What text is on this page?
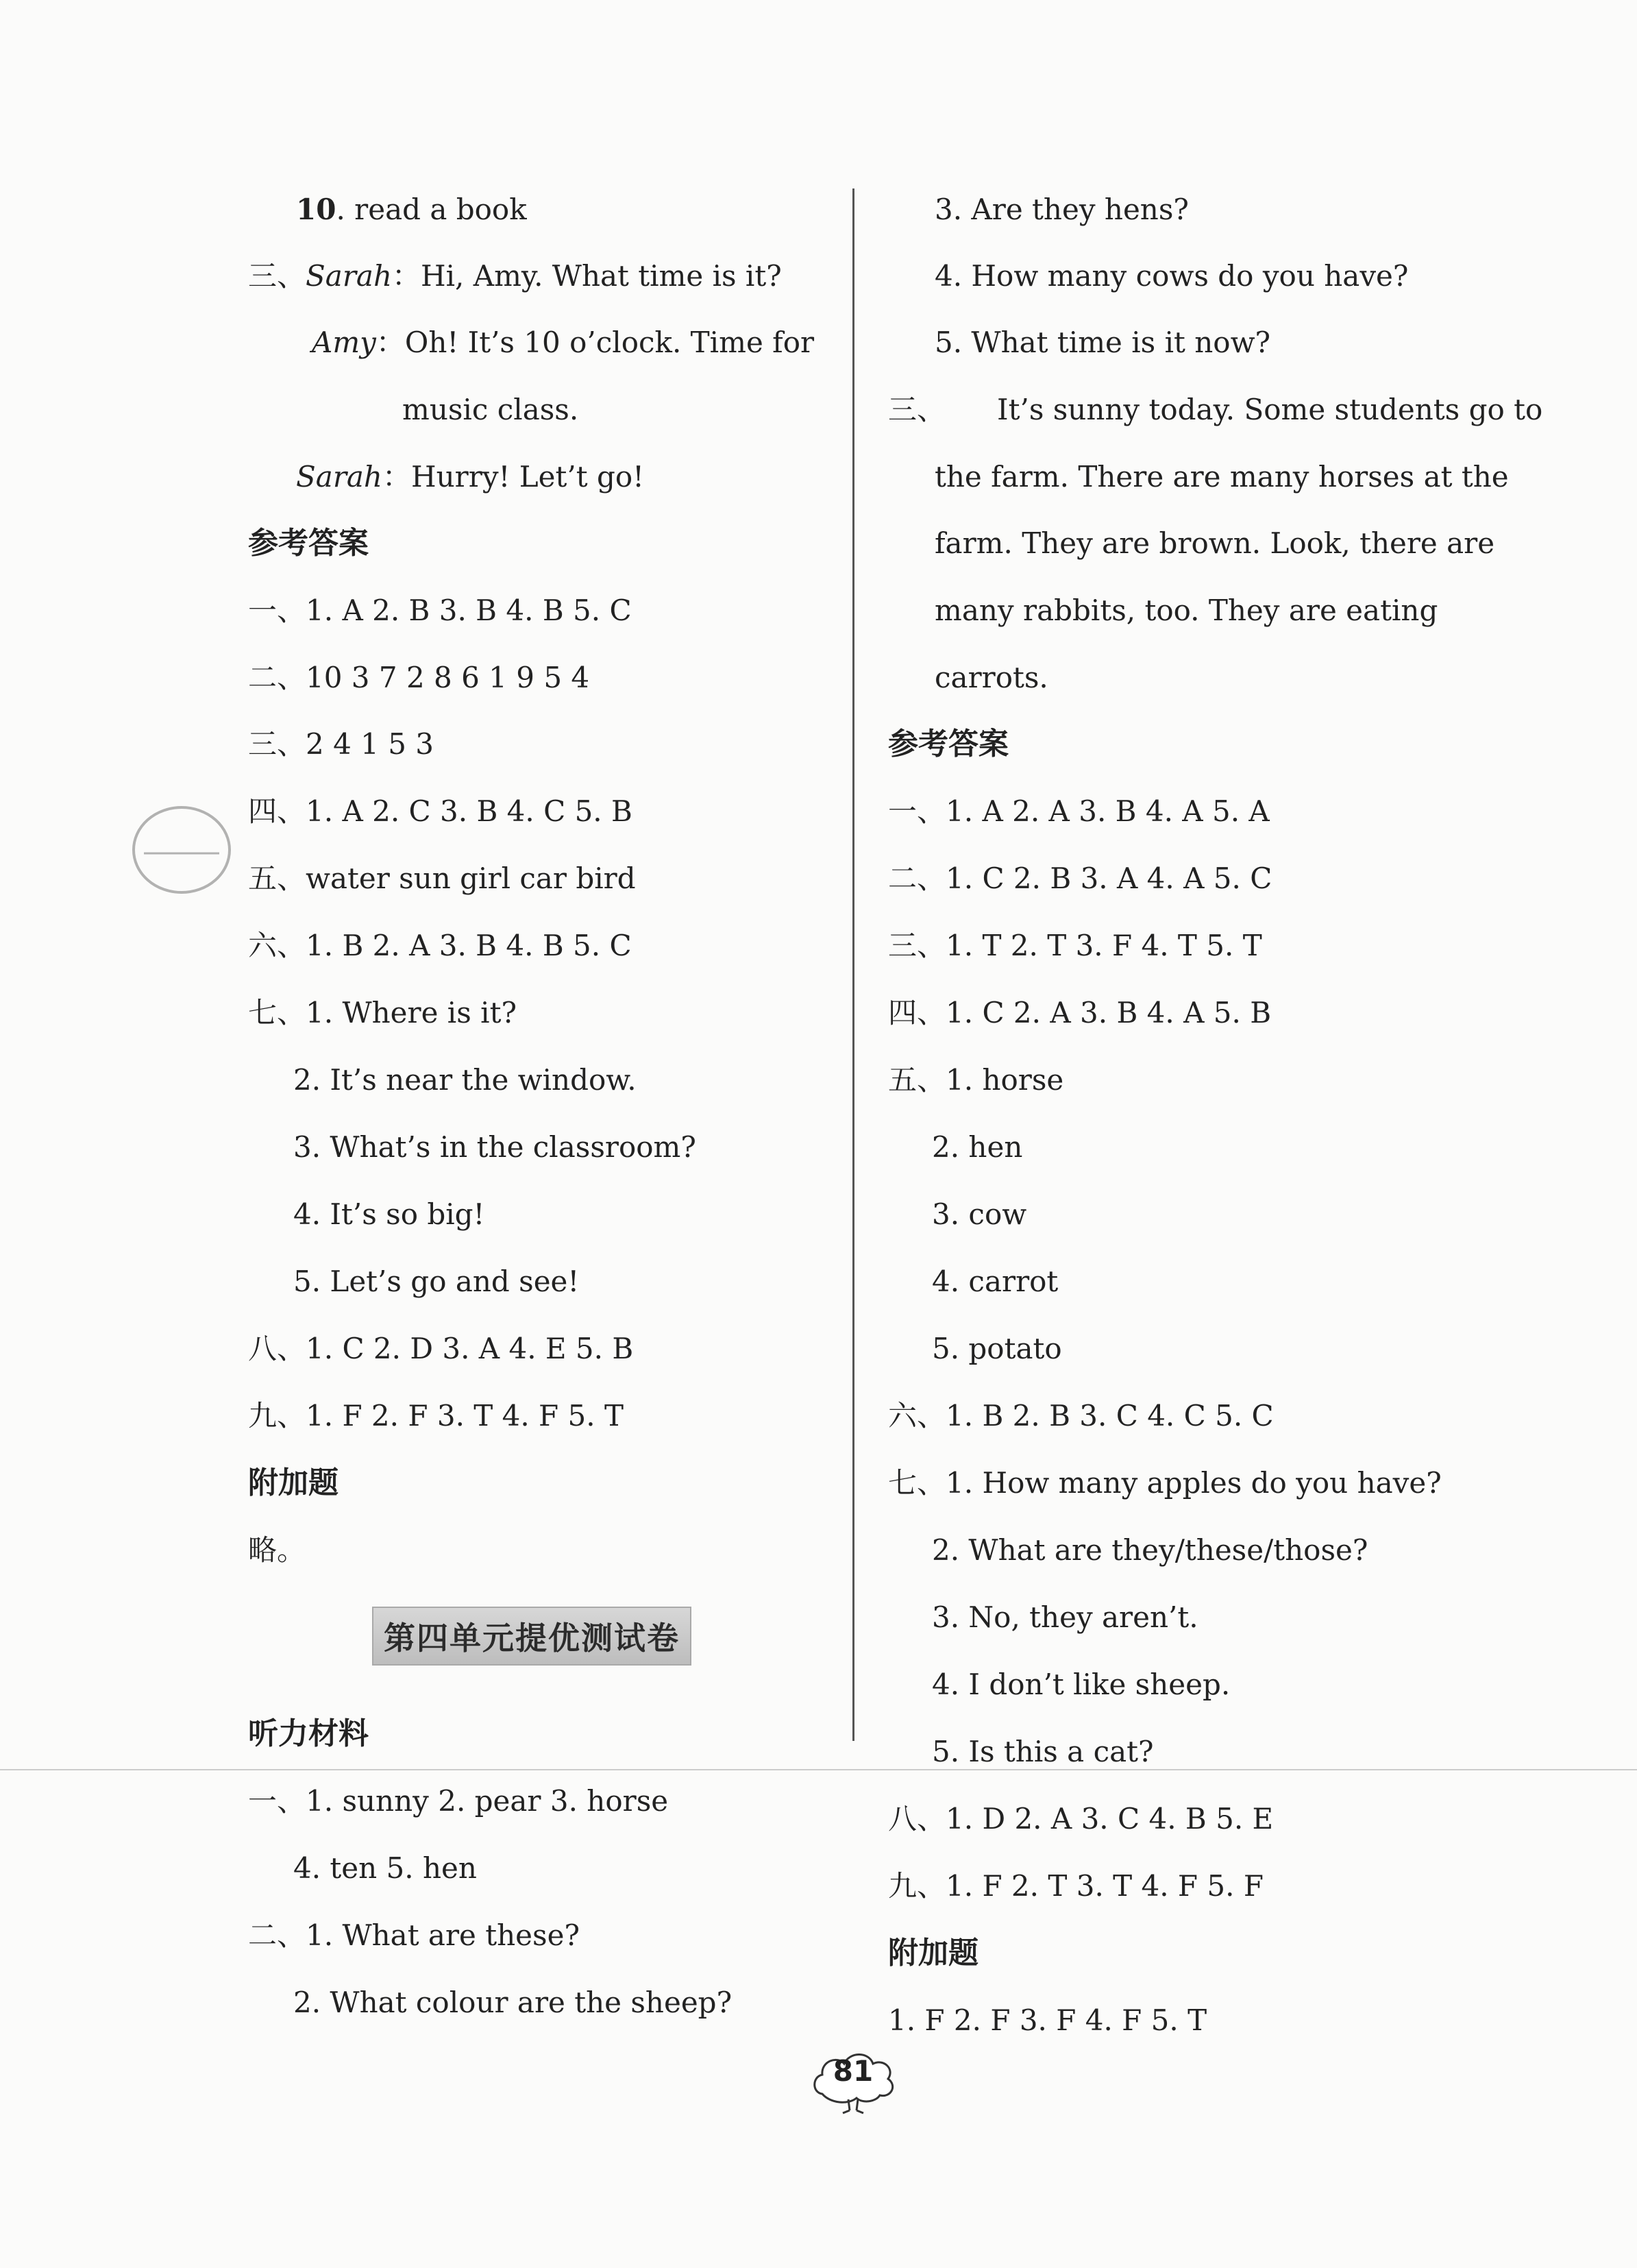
10. read a book
三、Sarah：Hi, Amy. What time is it?
Amy：Oh! It’s 10 o’clock. Time for
music class.
Sarah：Hurry! Let’t go!
参考答案
一、1. A 2. B 3. B 4. B 5. C
二、10 3 7 2 8 6 1 9 5 4
三、2 4 1 5 3
四、1. A 2. C 3. B 4. C 5. B
五、water sun girl car bird
六、1. B 2. A 3. B 4. B 5. C
七、1. Where is it?
2. It’s near the window.
3. What’s in the classroom?
4. It’s so big!
5. Let’s go and see!
八、1. C 2. D 3. A 4. E 5. B
九、1. F 2. F 3. T 4. F 5. T
附加题
略。
听力材料
一、1. sunny 2. pear 3. horse
4. ten 5. hen
二、1. What are these?
2. What colour are the sheep?
第四单元提优测试卷
3. Are they hens?
4. How many cows do you have?
5. What time is it now?
三、 It’s sunny today. Some students go to
the farm. There are many horses at the
farm. They are brown. Look, there are
many rabbits, too. They are eating
carrots.
参考答案
一、1. A 2. A 3. B 4. A 5. A
二、1. C 2. B 3. A 4. A 5. C
三、1. T 2. T 3. F 4. T 5. T
四、1. C 2. A 3. B 4. A 5. B
五、1. horse
2. hen
3. cow
4. carrot
5. potato
六、1. B 2. B 3. C 4. C 5. C
七、1. How many apples do you have?
2. What are they/these/those?
3. No, they aren’t.
4. I don’t like sheep.
5. Is this a cat?
八、1. D 2. A 3. C 4. B 5. E
九、1. F 2. T 3. T 4. F 5. F
附加题
1. F 2. F 3. F 4. F 5. T
81
